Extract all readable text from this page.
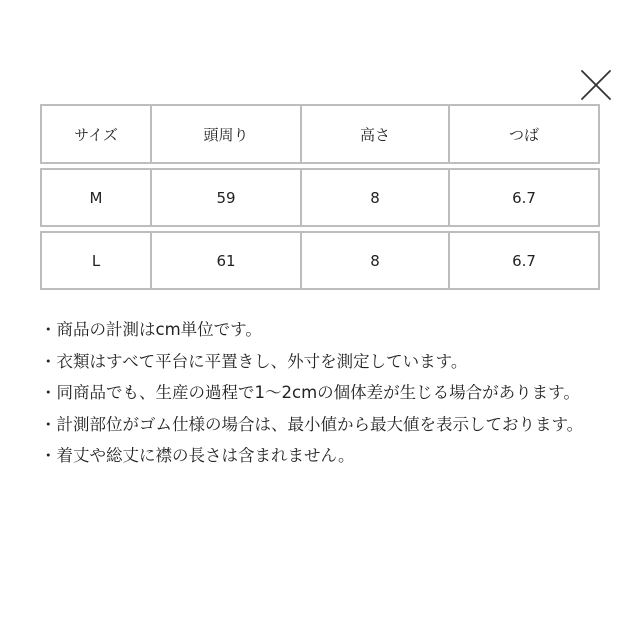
サイズ	頭周り	高さ	つば

M	59	8	6.7

L	61	8	6.7
・商品の計測はcm単位です。
・衣類はすべて平台に平置きし、外寸を測定しています。
・同商品でも、生産の過程で1〜2cmの個体差が生じる場合があります。
・計測部位がゴム仕様の場合は、最小値から最大値を表示しております。
・着丈や総丈に襟の長さは含まれません。
